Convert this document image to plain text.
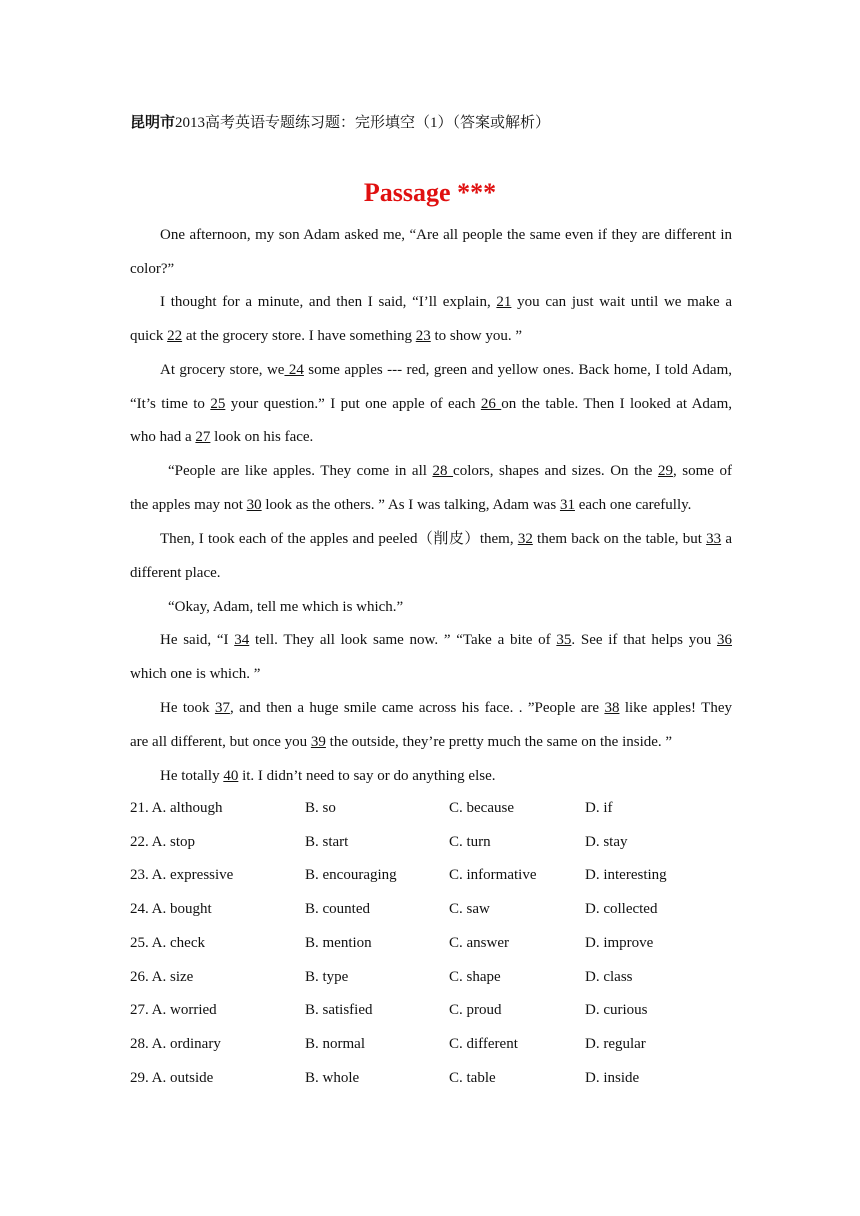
昆明市2013高考英语专题练习题：完形填空（1）（答案或解析）
Passage ***
One afternoon, my son Adam asked me, “Are all people the same even if they are different in
color?”
I thought for a minute, and then I said, “I’ll explain, 21 you can just wait until we make a
quick 22 at the grocery store. I have something 23 to show you. ”
At grocery store, we 24 some apples --- red, green and yellow ones. Back home, I told Adam,
“It’s time to 25 your question.” I put one apple of each 26 on the table. Then I looked at Adam,
who had a 27 look on his face.
“People are like apples. They come in all 28 colors, shapes and sizes. On the 29, some of
the apples may not 30 look as the others. ” As I was talking, Adam was 31 each one carefully.
Then, I took each of the apples and peeled（削皮）them, 32 them back on the table, but 33 a
different place.
“Okay, Adam, tell me which is which.”
He said, “I 34 tell. They all look same now. ” “Take a bite of 35. See if that helps you 36
which one is which. ”
He took 37, and then a huge smile came across his face. . ”People are 38 like apples! They
are all different, but once you 39 the outside, they’re pretty much the same on the inside. ”
He totally 40 it. I didn’t need to say or do anything else.
21. A. although	B. so	C. because	D. if
22. A. stop	B. start	C. turn	D. stay
23. A. expressive	B. encouraging	C. informative	D. interesting
24. A. bought	B. counted	C. saw	D. collected
25. A. check	B. mention	C. answer	D. improve
26. A. size	B. type	C. shape	D. class
27. A. worried	B. satisfied	C. proud	D. curious
28. A. ordinary	B. normal	C. different	D. regular
29. A. outside	B. whole	C. table	D. inside
